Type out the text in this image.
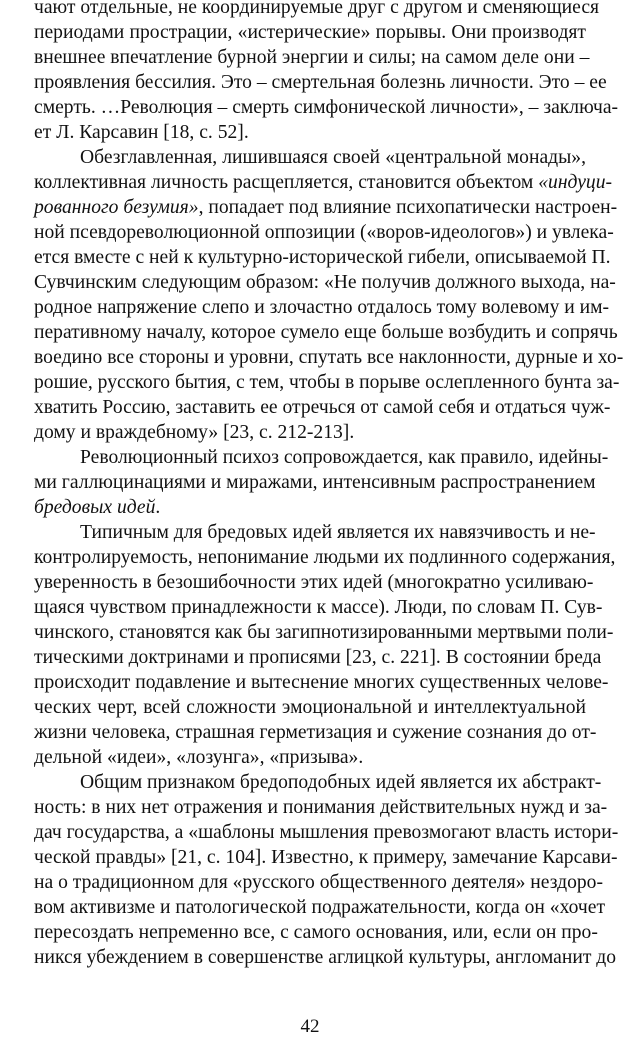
чают отдельные, не координируемые друг с другом и сменяющиеся
периодами прострации, «истерические» порывы. Они производят
внешнее впечатление бурной энергии и силы; на самом деле они –
проявления бессилия. Это – смертельная болезнь личности. Это – ее
смерть. …Революция – смерть симфонической личности», – заключа-
ет Л. Карсавин [18, с. 52].
Обезглавленная, лишившаяся своей «центральной монады»,
коллективная личность расщепляется, становится объектом «индуци-
рованного безумия», попадает под влияние психопатически настроен-
ной псевдореволюционной оппозиции («воров-идеологов») и увлека-
ется вместе с ней к культурно-исторической гибели, описываемой П.
Сувчинским следующим образом: «Не получив должного выхода, на-
родное напряжение слепо и злочастно отдалось тому волевому и им-
перативному началу, которое сумело еще больше возбудить и сопрячь
воедино все стороны и уровни, спутать все наклонности, дурные и хо-
рошие, русского бытия, с тем, чтобы в порыве ослепленного бунта за-
хватить Россию, заставить ее отречься от самой себя и отдаться чуж-
дому и враждебному» [23, с. 212-213].
Революционный психоз сопровождается, как правило, идейны-
ми галлюцинациями и миражами, интенсивным распространением
бредовых идей.
Типичным для бредовых идей является их навязчивость и не-
контролируемость, непонимание людьми их подлинного содержания,
уверенность в безошибочности этих идей (многократно усиливаю-
щаяся чувством принадлежности к массе). Люди, по словам П. Сув-
чинского, становятся как бы загипнотизированными мертвыми поли-
тическими доктринами и прописями [23, с. 221]. В состоянии бреда
происходит подавление и вытеснение многих существенных челове-
ческих черт, всей сложности эмоциональной и интеллектуальной
жизни человека, страшная герметизация и сужение сознания до от-
дельной «идеи», «лозунга», «призыва».
Общим признаком бредоподобных идей является их абстракт-
ность: в них нет отражения и понимания действительных нужд и за-
дач государства, а «шаблоны мышления превозмогают власть истори-
ческой правды» [21, с. 104]. Известно, к примеру, замечание Карсави-
на о традиционном для «русского общественного деятеля» нездоро-
вом активизме и патологической подражательности, когда он «хочет
пересоздать непременно все, с самого основания, или, если он про-
никся убеждением в совершенстве аглицкой культуры, англоманит до
42
